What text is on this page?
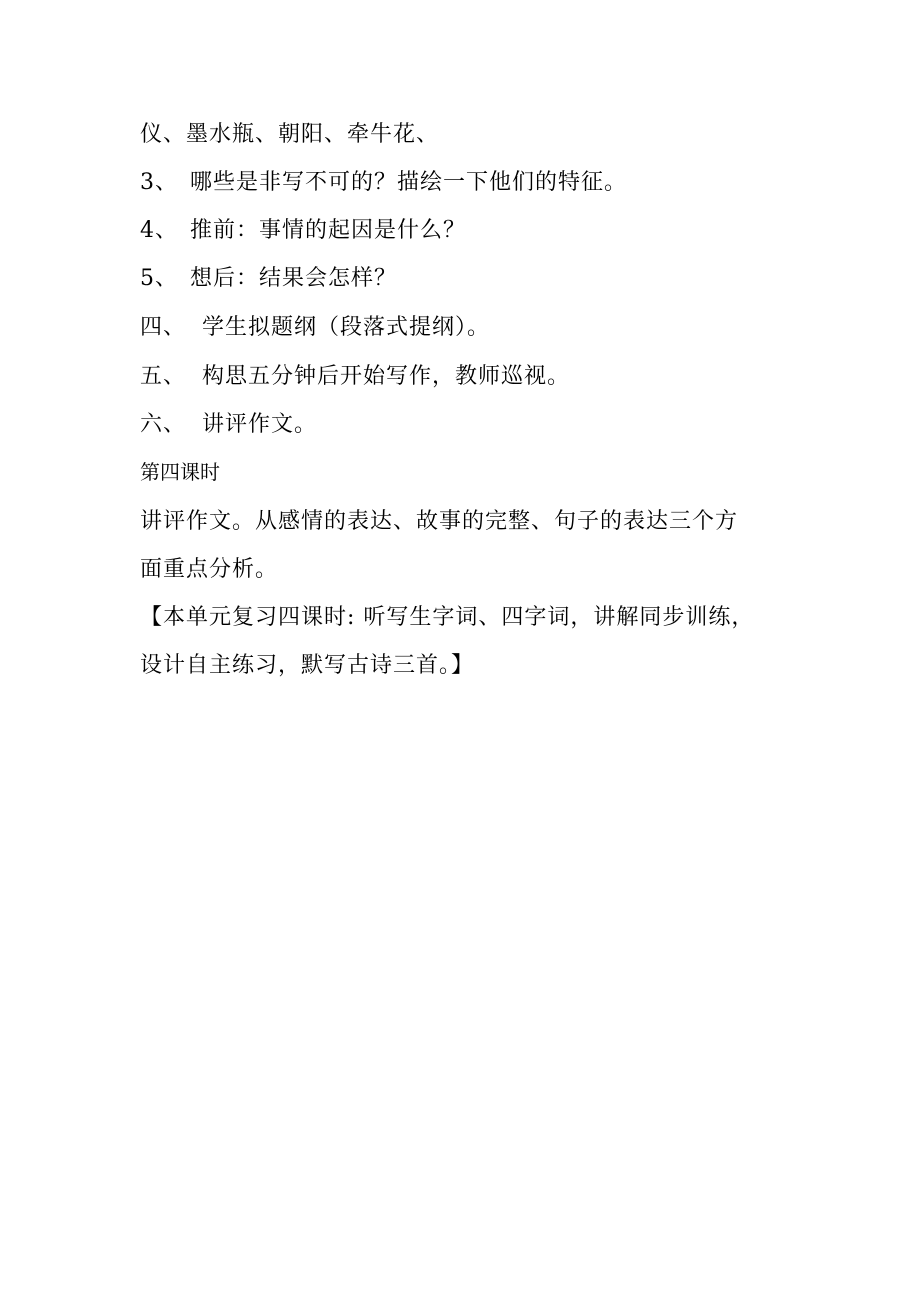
仪、墨水瓶、朝阳、牵牛花、
3、 哪些是非写不可的？描绘一下他们的特征。
4、 推前：事情的起因是什么？
5、 想后：结果会怎样？
四、 学生拟题纲（段落式提纲）。
五、 构思五分钟后开始写作，教师巡视。
六、 讲评作文。
第四课时
讲评作文。从感情的表达、故事的完整、句子的表达三个方
面重点分析。
【本单元复习四课时: 听写生字词、四字词，讲解同步训练，
设计自主练习，默写古诗三首。】
